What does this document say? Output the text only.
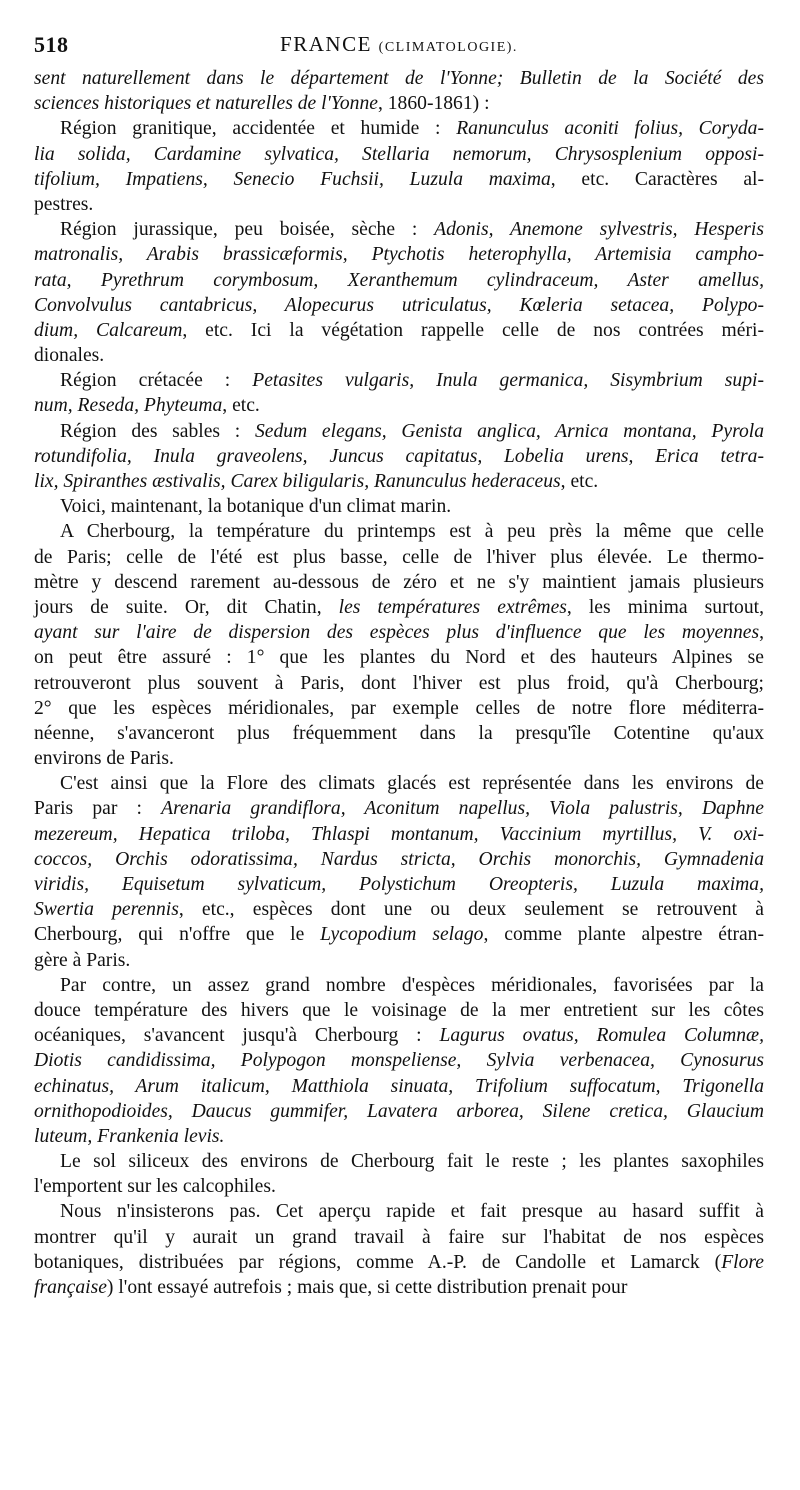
518	FRANCE (CLIMATOLOGIE).
sent naturellement dans le département de l'Yonne; Bulletin de la Société des
sciences historiques et naturelles de l'Yonne, 1860-1861) :
Région granitique, accidentée et humide : Ranunculus aconiti folius, Coryda-
lia solida, Cardamine sylvatica, Stellaria nemorum, Chrysosplenium opposi-
tifolium, Impatiens, Senecio Fuchsii, Luzula maxima, etc. Caractères al-
pestres.
Région jurassique, peu boisée, sèche : Adonis, Anemone sylvestris, Hesperis
matronalis, Arabis brassicæformis, Ptychotis heterophylla, Artemisia campho-
rata, Pyrethrum corymbosum, Xeranthemum cylindraceum, Aster amellus,
Convolvulus cantabricus, Alopecurus utriculatus, Kœleria setacea, Polypo-
dium, Calcareum, etc. Ici la végétation rappelle celle de nos contrées méri-
dionales.
Région crétacée : Petasites vulgaris, Inula germanica, Sisymbrium supi-
num, Reseda, Phyteuma, etc.
Région des sables : Sedum elegans, Genista anglica, Arnica montana, Pyrola
rotundifolia, Inula graveolens, Juncus capitatus, Lobelia urens, Erica tetra-
lix, Spiranthes æstivalis, Carex biligularis, Ranunculus hederaceus, etc.
Voici, maintenant, la botanique d'un climat marin.
A Cherbourg, la température du printemps est à peu près la même que celle
de Paris; celle de l'été est plus basse, celle de l'hiver plus élevée. Le thermo-
mètre y descend rarement au-dessous de zéro et ne s'y maintient jamais plusieurs
jours de suite. Or, dit Chatin, les températures extrêmes, les minima surtout,
ayant sur l'aire de dispersion des espèces plus d'influence que les moyennes,
on peut être assuré : 1° que les plantes du Nord et des hauteurs Alpines se
retrouveront plus souvent à Paris, dont l'hiver est plus froid, qu'à Cherbourg;
2° que les espèces méridionales, par exemple celles de notre flore méditerra-
néenne, s'avanceront plus fréquemment dans la presqu'île Cotentine qu'aux
environs de Paris.
C'est ainsi que la Flore des climats glacés est représentée dans les environs de
Paris par : Arenaria grandiflora, Aconitum napellus, Viola palustris, Daphne
mezereum, Hepatica triloba, Thlaspi montanum, Vaccinium myrtillus, V. oxi-
coccos, Orchis odoratissima, Nardus stricta, Orchis monorchis, Gymnadenia
viridis, Equisetum sylvaticum, Polystichum Oreopteris, Luzula maxima,
Swertia perennis, etc., espèces dont une ou deux seulement se retrouvent à
Cherbourg, qui n'offre que le Lycopodium selago, comme plante alpestre étran-
gère à Paris.
Par contre, un assez grand nombre d'espèces méridionales, favorisées par la
douce température des hivers que le voisinage de la mer entretient sur les côtes
océaniques, s'avancent jusqu'à Cherbourg : Lagurus ovatus, Romulea Columnæ,
Diotis candidissima, Polypogon monspeliense, Sylvia verbenacea, Cynosurus
echinatus, Arum italicum, Matthiola sinuata, Trifolium suffocatum, Trigonella
ornithopodioides, Daucus gummifer, Lavatera arborea, Silene cretica, Glaucium
luteum, Frankenia levis.
Le sol siliceux des environs de Cherbourg fait le reste ; les plantes saxophiles
l'emportent sur les calcophiles.
Nous n'insisterons pas. Cet aperçu rapide et fait presque au hasard suffit à
montrer qu'il y aurait un grand travail à faire sur l'habitat de nos espèces
botaniques, distribuées par régions, comme A.-P. de Candolle et Lamarck (Flore
française) l'ont essayé autrefois ; mais que, si cette distribution prenait pour
